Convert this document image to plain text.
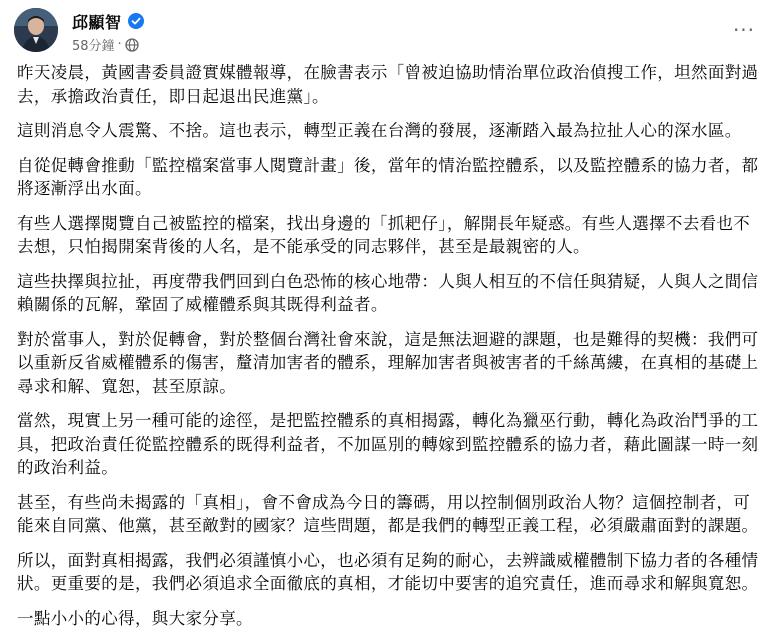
邱顯智
58分鐘 ·
···

昨天凌晨，黃國書委員證實媒體報導，在臉書表示「曾被迫協助情治單位政治偵搜工作，坦然面對過去，承擔政治責任，即日起退出民進黨」。

這則消息令人震驚、不捨。這也表示，轉型正義在台灣的發展，逐漸踏入最為拉扯人心的深水區。

自從促轉會推動「監控檔案當事人閱覽計畫」後，當年的情治監控體系，以及監控體系的協力者，都將逐漸浮出水面。

有些人選擇閱覽自己被監控的檔案，找出身邊的「抓耙仔」，解開長年疑惑。有些人選擇不去看也不去想，只怕揭開案背後的人名，是不能承受的同志夥伴，甚至是最親密的人。

這些抉擇與拉扯，再度帶我們回到白色恐怖的核心地帶：人與人相互的不信任與猜疑，人與人之間信賴關係的瓦解，鞏固了威權體系與其既得利益者。

對於當事人，對於促轉會，對於整個台灣社會來說，這是無法迴避的課題，也是難得的契機：我們可以重新反省威權體系的傷害，釐清加害者的體系，理解加害者與被害者的千絲萬縷，在真相的基礎上尋求和解、寬恕，甚至原諒。

當然，現實上另一種可能的途徑，是把監控體系的真相揭露，轉化為獵巫行動，轉化為政治鬥爭的工具，把政治責任從監控體系的既得利益者，不加區別的轉嫁到監控體系的協力者，藉此圖謀一時一刻的政治利益。

甚至，有些尚未揭露的「真相」，會不會成為今日的籌碼，用以控制個別政治人物？這個控制者，可能來自同黨、他黨，甚至敵對的國家？這些問題，都是我們的轉型正義工程，必須嚴肅面對的課題。

所以，面對真相揭露，我們必須謹慎小心，也必須有足夠的耐心，去辨識威權體制下協力者的各種情狀。更重要的是，我們必須追求全面徹底的真相，才能切中要害的追究責任，進而尋求和解與寬恕。

一點小小的心得，與大家分享。
